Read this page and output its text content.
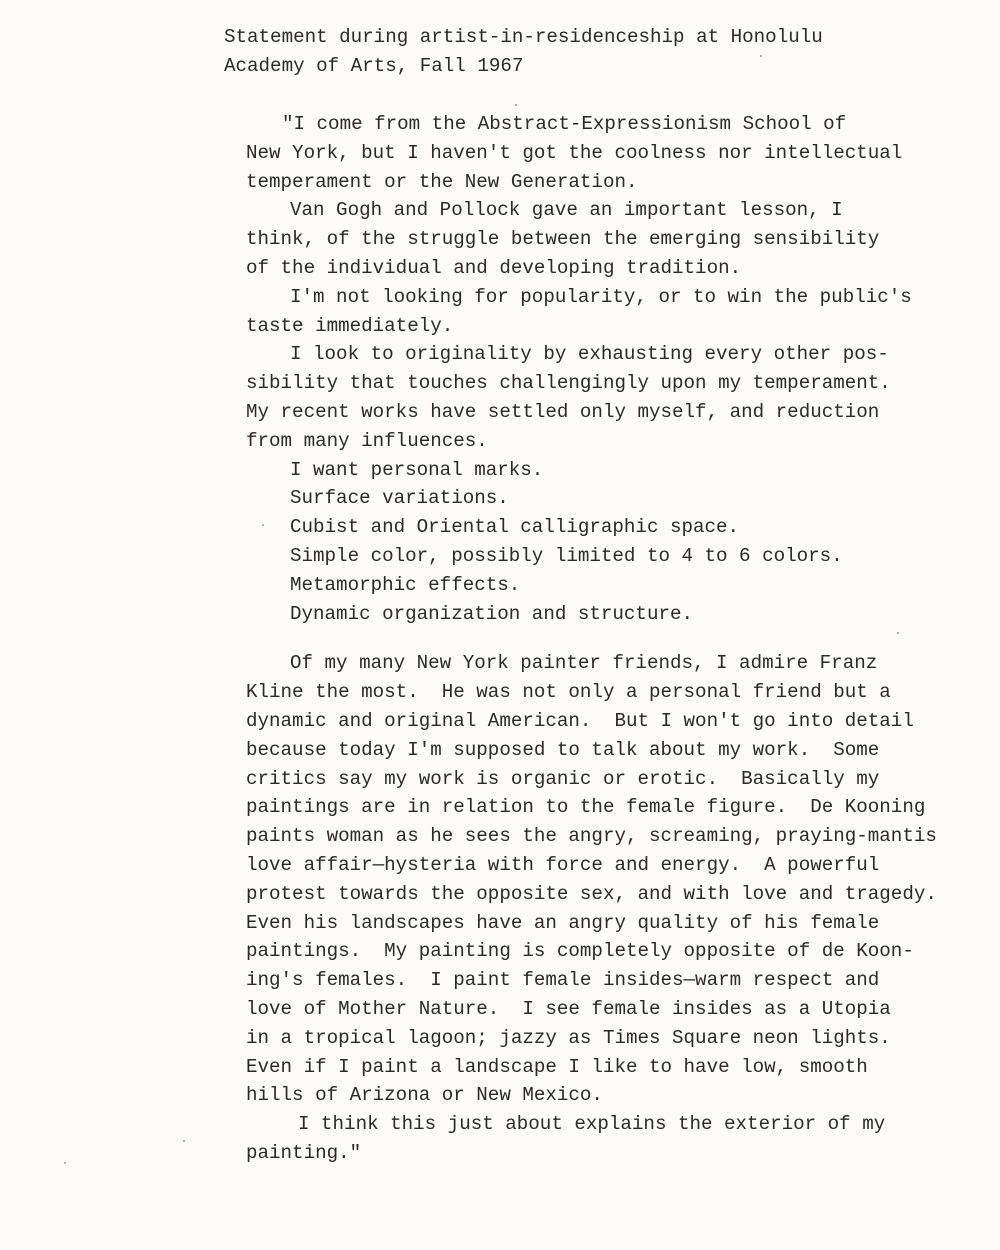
Statement during artist-in-residenceship at Honolulu
Academy of Arts, Fall 1967
"I come from the Abstract-Expressionism School of
New York, but I haven't got the coolness nor intellectual
temperament or the New Generation.
Van Gogh and Pollock gave an important lesson, I
think, of the struggle between the emerging sensibility
of the individual and developing tradition.
I'm not looking for popularity, or to win the public's
taste immediately.
I look to originality by exhausting every other pos-
sibility that touches challengingly upon my temperament.
My recent works have settled only myself, and reduction
from many influences.
I want personal marks.
Surface variations.
Cubist and Oriental calligraphic space.
Simple color, possibly limited to 4 to 6 colors.
Metamorphic effects.
Dynamic organization and structure.
Of my many New York painter friends, I admire Franz
Kline the most.  He was not only a personal friend but a
dynamic and original American.  But I won't go into detail
because today I'm supposed to talk about my work.  Some
critics say my work is organic or erotic.  Basically my
paintings are in relation to the female figure.  De Kooning
paints woman as he sees the angry, screaming, praying-mantis
love affair—hysteria with force and energy.  A powerful
protest towards the opposite sex, and with love and tragedy.
Even his landscapes have an angry quality of his female
paintings.  My painting is completely opposite of de Koon-
ing's females.  I paint female insides—warm respect and
love of Mother Nature.  I see female insides as a Utopia
in a tropical lagoon; jazzy as Times Square neon lights.
Even if I paint a landscape I like to have low, smooth
hills of Arizona or New Mexico.
I think this just about explains the exterior of my
painting."
